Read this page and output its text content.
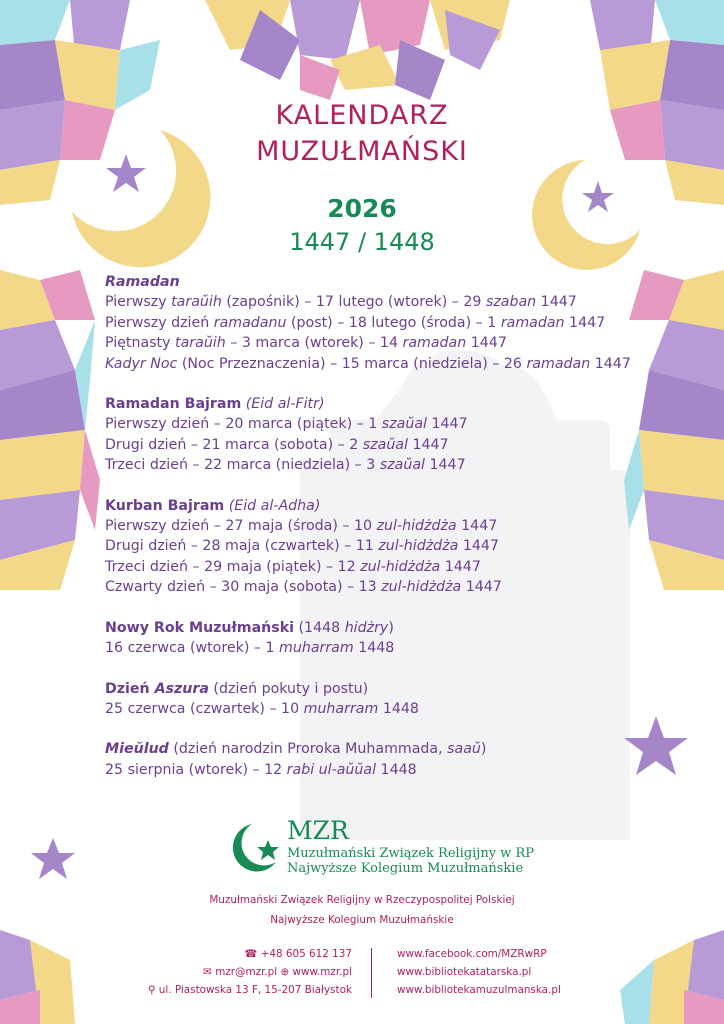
KALENDARZ
MUZUŁMAŃSKI
2026
1447 / 1448
Ramadan
Pierwszy taraŭih (zapośnik) – 17 lutego (wtorek) – 29 szaban 1447
Pierwszy dzień ramadanu (post) – 18 lutego (środa) – 1 ramadan 1447
Piętnasty taraŭih – 3 marca (wtorek) – 14 ramadan 1447
Kadyr Noc (Noc Przeznaczenia) – 15 marca (niedziela) – 26 ramadan 1447
Ramadan Bajram (Eid al-Fitr)
Pierwszy dzień – 20 marca (piątek) – 1 szaŭal 1447
Drugi dzień – 21 marca (sobota) – 2 szaŭal 1447
Trzeci dzień – 22 marca (niedziela) – 3 szaŭal 1447
Kurban Bajram (Eid al-Adha)
Pierwszy dzień – 27 maja (środa) – 10 zul-hidżdża 1447
Drugi dzień – 28 maja (czwartek) – 11 zul-hidżdża 1447
Trzeci dzień – 29 maja (piątek) – 12 zul-hidżdża 1447
Czwarty dzień – 30 maja (sobota) – 13 zul-hidżdża 1447
Nowy Rok Muzułmański (1448 hidżry)
16 czerwca (wtorek) – 1 muharram 1448
Dzień Aszura (dzień pokuty i postu)
25 czerwca (czwartek) – 10 muharram 1448
Mieŭlud (dzień narodzin Proroka Muhammada, saaŭ)
25 sierpnia (wtorek) – 12 rabi ul-aŭŭal 1448
MZR
Muzułmański Związek Religijny w RP
Najwyższe Kolegium Muzułmańskie
Muzułmański Związek Religijny w Rzeczypospolitej Polskiej
Najwyższe Kolegium Muzułmańskie
☎ +48 605 612 137
✉ mzr@mzr.pl ⊕ www.mzr.pl
⚲ ul. Piastowska 13 F, 15-207 Białystok
www.facebook.com/MZRwRP
www.bibliotekatatarska.pl
www.bibliotekamuzulmanska.pl
